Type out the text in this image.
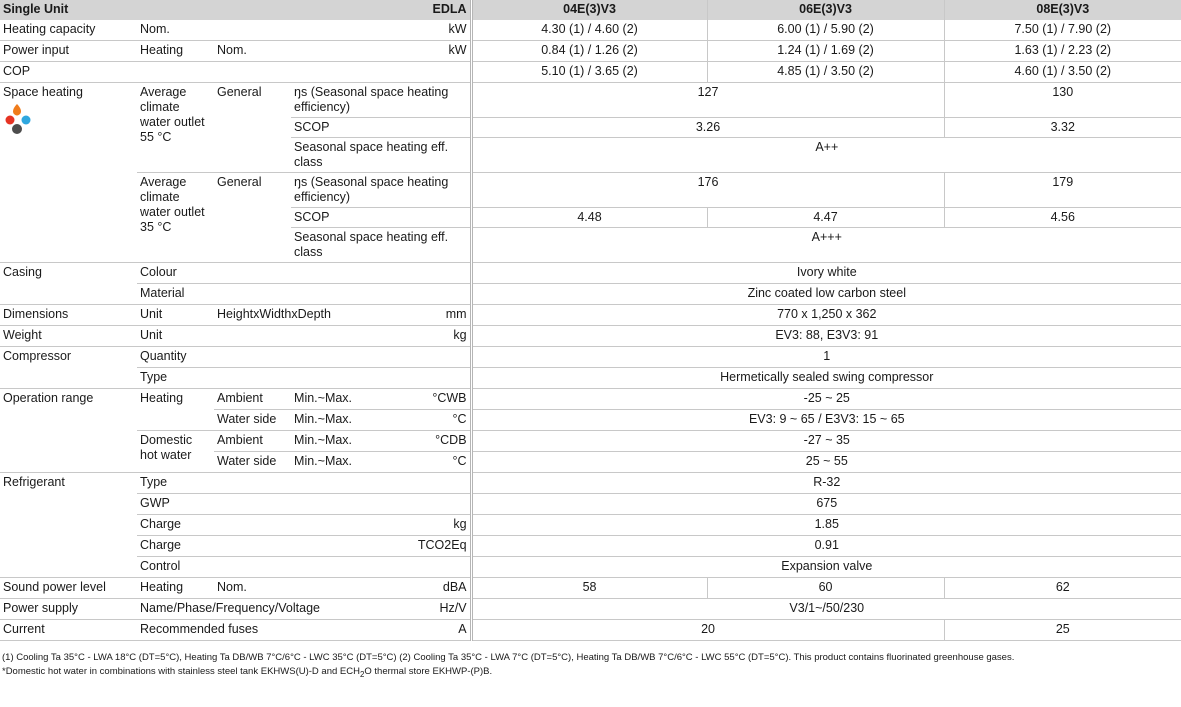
Single Unit			EDLA	04E(3)V3	06E(3)V3	08E(3)V3
Heating capacity	Nom.		kW	4.30 (1) / 4.60 (2)	6.00 (1) / 5.90 (2)	7.50 (1) / 7.90 (2)
Power input	Heating	Nom.	kW	0.84 (1) / 1.26 (2)	1.24 (1) / 1.69 (2)	1.63 (1) / 2.23 (2)
COP				5.10 (1) / 3.65 (2)	4.85 (1) / 3.50 (2)	4.60 (1) / 3.50 (2)
Space heating	Average climate water outlet 55 °C	General	ŋs (Seasonal space heating efficiency)	127		130
			SCOP	3.26		3.32
			Seasonal space heating eff. class	A++		
	Average climate water outlet 35 °C	General	ŋs (Seasonal space heating efficiency)	176		179
			SCOP	4.48	4.47	4.56
			Seasonal space heating eff. class	A+++		
Casing	Colour			Ivory white		
	Material			Zinc coated low carbon steel		
Dimensions	Unit	HeightxWidthxDepth mm		770 x 1,250 x 362		
Weight	Unit	kg		EV3: 88, E3V3: 91		
Compressor	Quantity			1		
	Type			Hermetically sealed swing compressor		
Operation range	Heating	Ambient	Min.~Max. °CWB	-25 ~ 25		
		Water side	Min.~Max. °C	EV3: 9 ~ 65 / E3V3: 15 ~ 65		
	Domestic hot water	Ambient	Min.~Max. °CDB	-27 ~ 35		
		Water side	Min.~Max. °C	25 ~ 55		
Refrigerant	Type			R-32		
	GWP			675		
	Charge kg			1.85		
	Charge TCO2Eq			0.91		
	Control			Expansion valve		
Sound power level	Heating	Nom. dBA		58	60	62
Power supply	Name/Phase/Frequency/Voltage Hz/V			V3/1~/50/230		
Current	Recommended fuses A			20		25

(1) Cooling Ta 35°C - LWA 18°C (DT=5°C), Heating Ta DB/WB 7°C/6°C - LWC 35°C (DT=5°C) (2) Cooling Ta 35°C - LWA 7°C (DT=5°C), Heating Ta DB/WB 7°C/6°C - LWC 55°C (DT=5°C). This product contains fluorinated greenhouse gases.

*Domestic hot water in combinations with stainless steel tank EKHWS(U)-D and $ECH_2O$ thermal store EKHWP-(P)B.
